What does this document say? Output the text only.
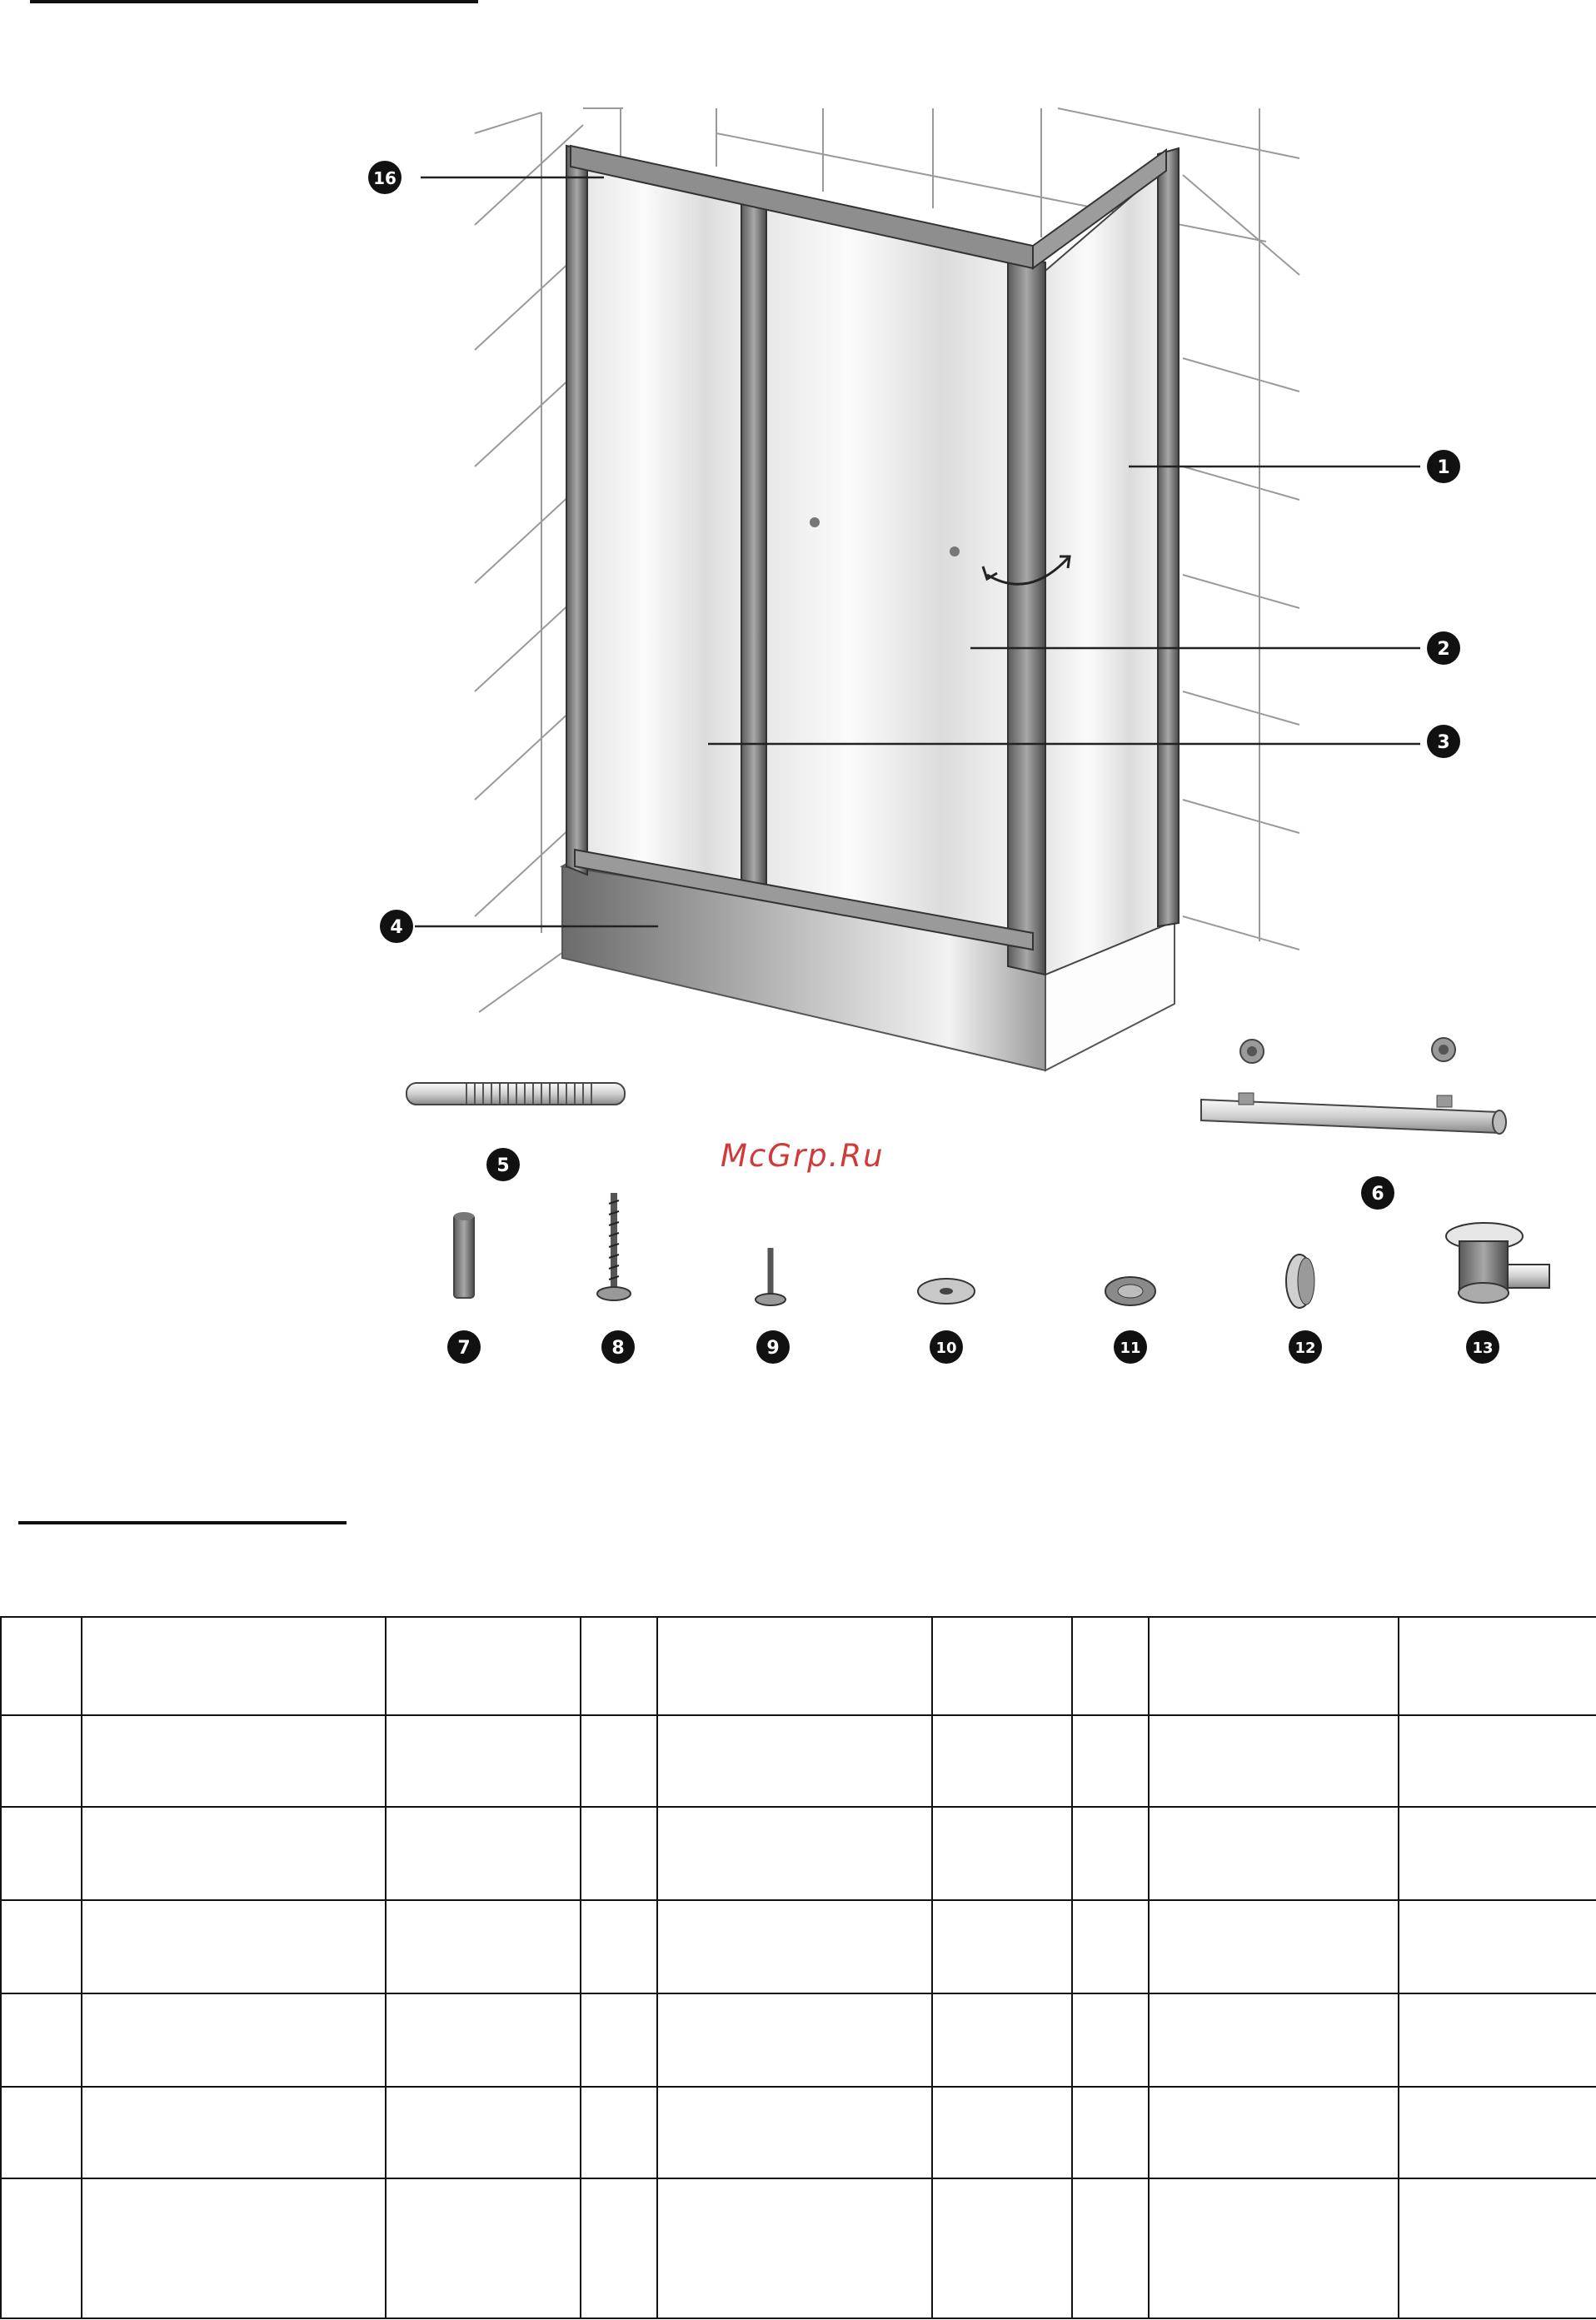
16
1
2
3
4
5
6
7	8	9	10	11	12	13
McGrp.Ru
